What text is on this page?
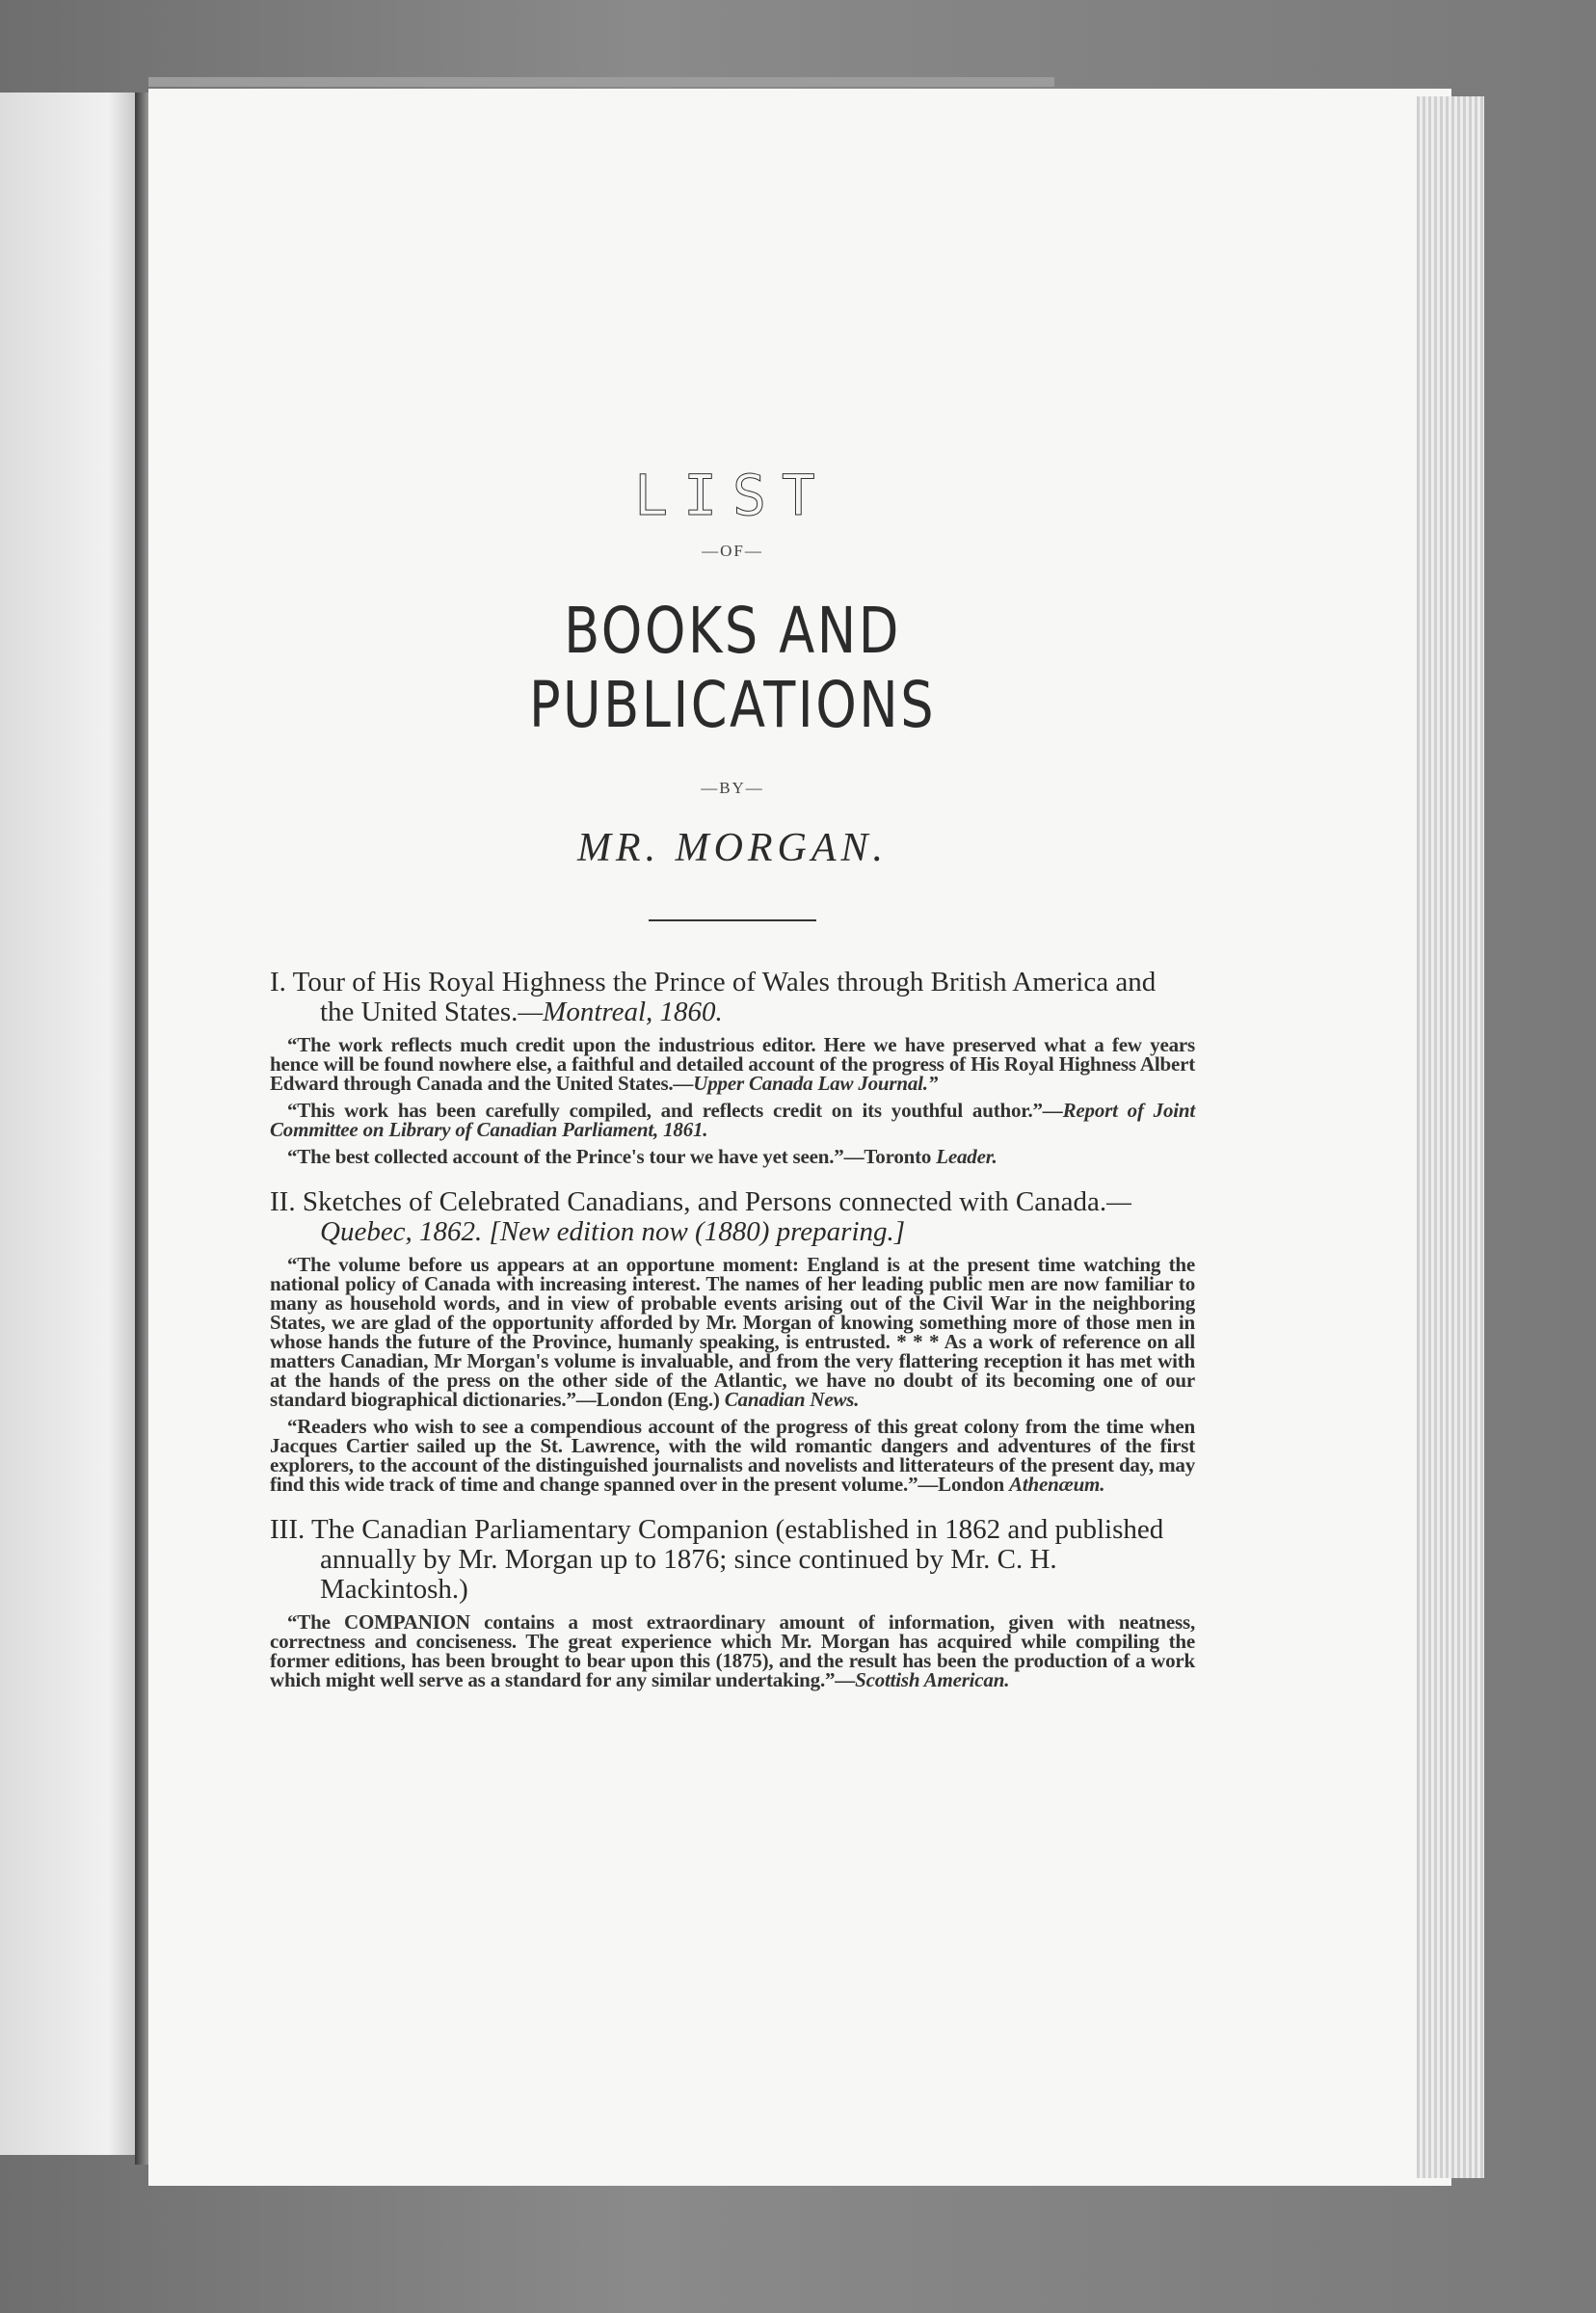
LIST

—OF—

BOOKS AND PUBLICATIONS

—BY—

MR. MORGAN.

I. Tour of His Royal Highness the Prince of Wales through British America and the United States.—Montreal, 1860.

“The work reflects much credit upon the industrious editor. Here we have preserved what a few years hence will be found nowhere else, a faithful and detailed account of the progress of His Royal Highness Albert Edward through Canada and the United States.—Upper Canada Law Journal.”

“This work has been carefully compiled, and reflects credit on its youthful author.”—Report of Joint Committee on Library of Canadian Parliament, 1861.

“The best collected account of the Prince's tour we have yet seen.”—Toronto Leader.

II. Sketches of Celebrated Canadians, and Persons connected with Canada.—Quebec, 1862. [New edition now (1880) preparing.]

“The volume before us appears at an opportune moment: England is at the present time watching the national policy of Canada with increasing interest. The names of her leading public men are now familiar to many as household words, and in view of probable events arising out of the Civil War in the neighboring States, we are glad of the opportunity afforded by Mr. Morgan of knowing something more of those men in whose hands the future of the Province, humanly speaking, is entrusted. * * * As a work of reference on all matters Canadian, Mr Morgan's volume is invaluable, and from the very flattering reception it has met with at the hands of the press on the other side of the Atlantic, we have no doubt of its becoming one of our standard biographical dictionaries.”—London (Eng.) Canadian News.

“Readers who wish to see a compendious account of the progress of this great colony from the time when Jacques Cartier sailed up the St. Lawrence, with the wild romantic dangers and adventures of the first explorers, to the account of the distinguished journalists and novelists and litterateurs of the present day, may find this wide track of time and change spanned over in the present volume.”—London Athenæum.

III. The Canadian Parliamentary Companion (established in 1862 and published annually by Mr. Morgan up to 1876; since continued by Mr. C. H. Mackintosh.)

“The COMPANION contains a most extraordinary amount of information, given with neatness, correctness and conciseness. The great experience which Mr. Morgan has acquired while compiling the former editions, has been brought to bear upon this (1875), and the result has been the production of a work which might well serve as a standard for any similar undertaking.”—Scottish American.
